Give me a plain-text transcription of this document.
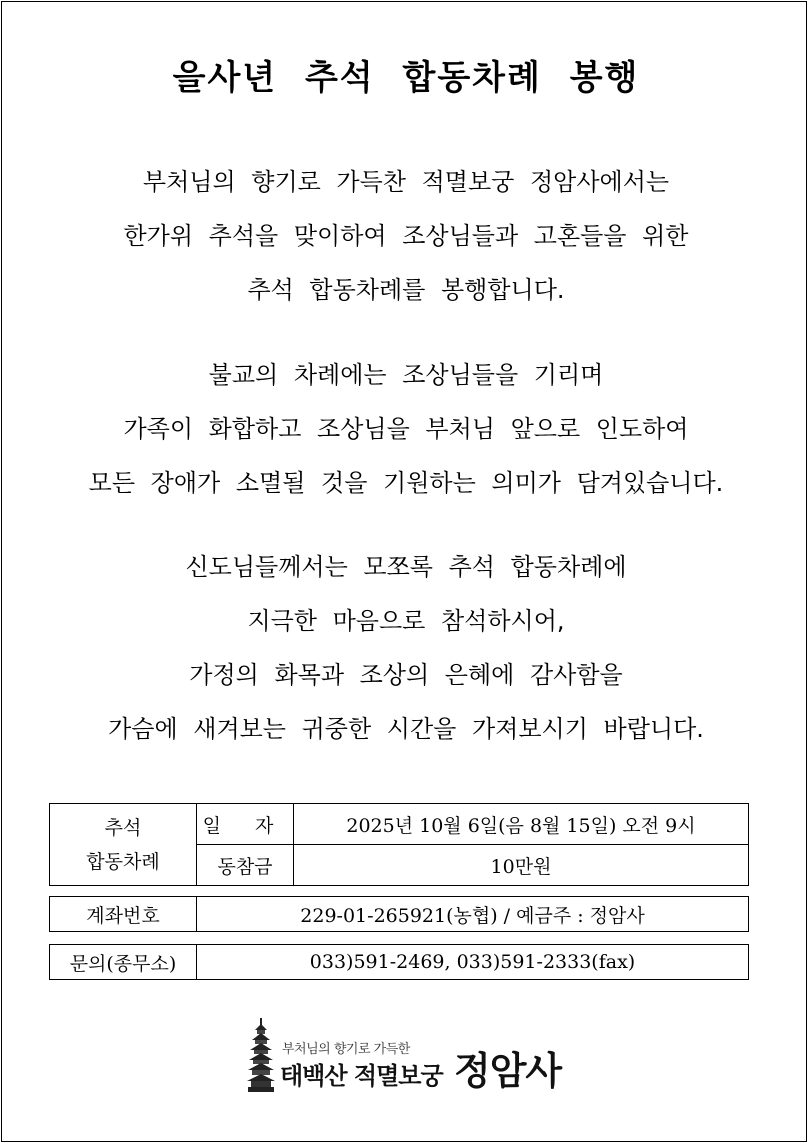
을사년 추석 합동차례 봉행
부처님의 향기로 가득찬 적멸보궁 정암사에서는
한가위 추석을 맞이하여 조상님들과 고혼들을 위한
추석 합동차례를 봉행합니다.
불교의 차례에는 조상님들을 기리며
가족이 화합하고 조상님을 부처님 앞으로 인도하여
모든 장애가 소멸될 것을 기원하는 의미가 담겨있습니다.
신도님들께서는 모쪼록 추석 합동차례에
지극한 마음으로 참석하시어,
가정의 화목과 조상의 은혜에 감사함을
가슴에 새겨보는 귀중한 시간을 가져보시기 바랍니다.
추석
합동차례	일 자	2025년 10월 6일(음 8월 15일) 오전 9시
	동참금	10만원
계좌번호	229-01-265921(농협) / 예금주 : 정암사
문의(종무소)	033)591-2469, 033)591-2333(fax)
부처님의 향기로 가득한
태백산 적멸보궁 정암사
